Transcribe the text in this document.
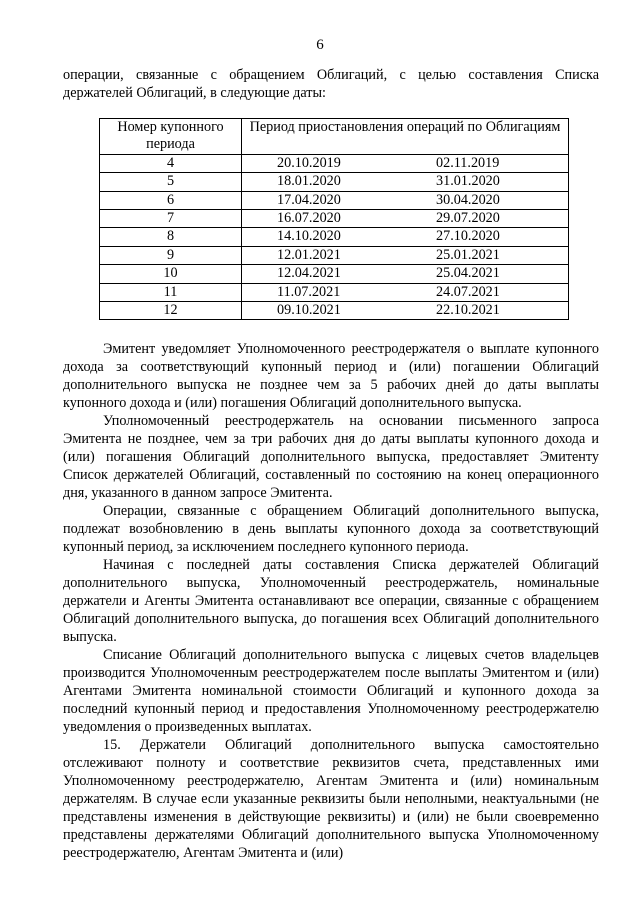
6

операции, связанные с обращением Облигаций, с целью составления Списка держателей Облигаций, в следующие даты:

Номер купонного периода	Период приостановления операций по Облигациям	
4	20.10.2019	02.11.2019
5	18.01.2020	31.01.2020
6	17.04.2020	30.04.2020
7	16.07.2020	29.07.2020
8	14.10.2020	27.10.2020
9	12.01.2021	25.01.2021
10	12.04.2021	25.04.2021
11	11.07.2021	24.07.2021
12	09.10.2021	22.10.2021

Эмитент уведомляет Уполномоченного реестродержателя о выплате купонного дохода за соответствующий купонный период и (или) погашении Облигаций дополнительного выпуска не позднее чем за 5 рабочих дней до даты выплаты купонного дохода и (или) погашения Облигаций дополнительного выпуска.

Уполномоченный реестродержатель на основании письменного запроса Эмитента не позднее, чем за три рабочих дня до даты выплаты купонного дохода и (или) погашения Облигаций дополнительного выпуска, предоставляет Эмитенту Список держателей Облигаций, составленный по состоянию на конец операционного дня, указанного в данном запросе Эмитента.

Операции, связанные с обращением Облигаций дополнительного выпуска, подлежат возобновлению в день выплаты купонного дохода за соответствующий купонный период, за исключением последнего купонного периода.

Начиная с последней даты составления Списка держателей Облигаций дополнительного выпуска, Уполномоченный реестродержатель, номинальные держатели и Агенты Эмитента останавливают все операции, связанные с обращением Облигаций дополнительного выпуска, до погашения всех Облигаций дополнительного выпуска.

Списание Облигаций дополнительного выпуска с лицевых счетов владельцев производится Уполномоченным реестродержателем после выплаты Эмитентом и (или) Агентами Эмитента номинальной стоимости Облигаций и купонного дохода за последний купонный период и предоставления Уполномоченному реестродержателю уведомления о произведенных выплатах.

15. Держатели Облигаций дополнительного выпуска самостоятельно отслеживают полноту и соответствие реквизитов счета, представленных ими Уполномоченному реестродержателю, Агентам Эмитента и (или) номинальным держателям. В случае если указанные реквизиты были неполными, неактуальными (не представлены изменения в действующие реквизиты) и (или) не были своевременно представлены держателями Облигаций дополнительного выпуска Уполномоченному реестродержателю, Агентам Эмитента и (или)
